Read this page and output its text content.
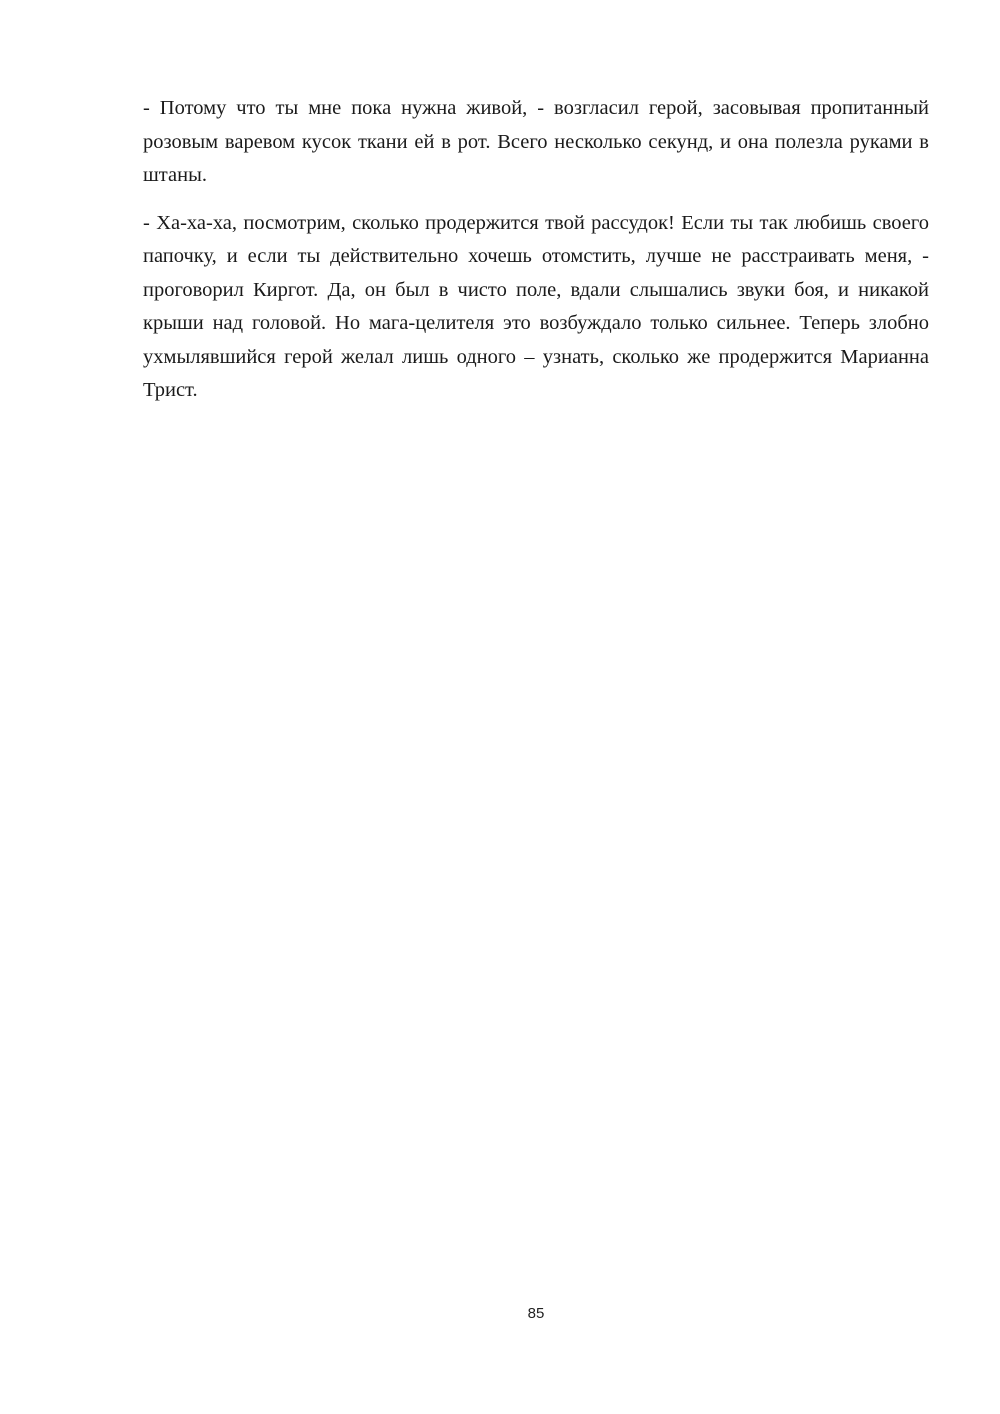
- Потому что ты мне пока нужна живой, - возгласил герой, засовывая пропитанный розовым варевом кусок ткани ей в рот. Всего несколько секунд, и она полезла руками в штаны.

- Ха-ха-ха, посмотрим, сколько продержится твой рассудок! Если ты так любишь своего папочку, и если ты действительно хочешь отомстить, лучше не расстраивать меня, - проговорил Киргот. Да, он был в чисто поле, вдали слышались звуки боя, и никакой крыши над головой. Но мага-целителя это возбуждало только сильнее. Теперь злобно ухмылявшийся герой желал лишь одного – узнать, сколько же продержится Марианна Трист.

85
